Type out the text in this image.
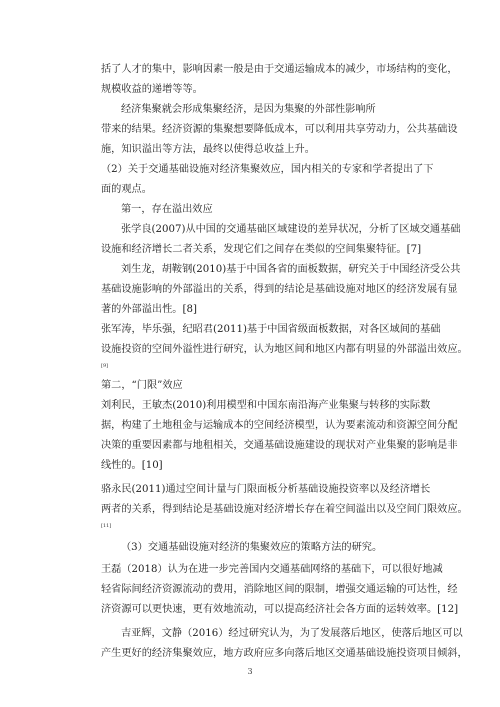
括了人才的集中，影响因素一般是由于交通运输成本的减少，市场结构的变化，
规模收益的递增等等。
经济集聚就会形成集聚经济，是因为集聚的外部性影响所
带来的结果。经济资源的集聚想要降低成本，可以利用共享劳动力，公共基础设
施，知识溢出等方法，最终以使得总收益上升。
（2）关于交通基础设施对经济集聚效应，国内相关的专家和学者提出了下
面的观点。
第一，存在溢出效应
张学良(2007)从中国的交通基础区域建设的差异状况，分析了区域交通基础
设施和经济增长二者关系，发现它们之间存在类似的空间集聚特征。[7]
刘生龙，胡鞍钢(2010)基于中国各省的面板数据，研究关于中国经济受公共
基础设施影响的外部溢出的关系，得到的结论是基础设施对地区的经济发展有显
著的外部溢出性。[8]
张军涛，毕乐强，纪昭君(2011)基于中国省级面板数据，对各区域间的基础
设施投资的空间外溢性进行研究，认为地区间和地区内都有明显的外部溢出效应。
[9]
第二，“门限”效应
刘利民，王敏杰(2010)利用模型和中国东南沿海产业集聚与转移的实际数
据，构建了土地租金与运输成本的空间经济模型，认为要素流动和资源空间分配
决策的重要因素都与地租相关，交通基础设施建设的现状对产业集聚的影响是非
线性的。[10]
骆永民(2011)通过空间计量与门限面板分析基础设施投资率以及经济增长
两者的关系，得到结论是基础设施对经济增长存在着空间溢出以及空间门限效应。
[11]
（3）交通基础设施对经济的集聚效应的策略方法的研究。
王磊（2018）认为在进一步完善国内交通基础网络的基础下，可以很好地减
轻省际间经济资源流动的费用，消除地区间的限制，增强交通运输的可达性，经
济资源可以更快速，更有效地流动，可以提高经济社会各方面的运转效率。[12]
吉亚辉，文静（2016）经过研究认为，为了发展落后地区，使落后地区可以
产生更好的经济集聚效应，地方政府应多向落后地区交通基础设施投资项目倾斜，
3
